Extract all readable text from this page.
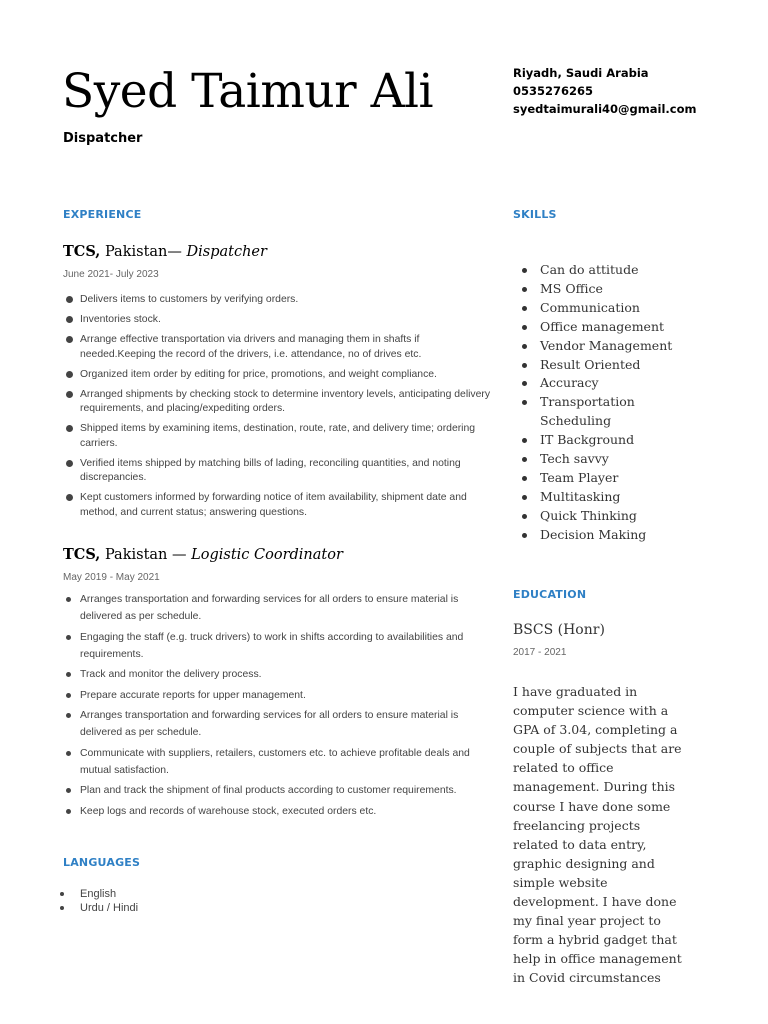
Syed Taimur Ali
Dispatcher
Riyadh, Saudi Arabia
0535276265
syedtaimurali40@gmail.com
EXPERIENCE
TCS, Pakistan— Dispatcher
June 2021- July 2023
Delivers items to customers by verifying orders.
Inventories stock.
Arrange effective transportation via drivers and managing them in shafts if needed.Keeping the record of the drivers, i.e. attendance, no of drives etc.
Organized item order by editing for price, promotions, and weight compliance.
Arranged shipments by checking stock to determine inventory levels, anticipating delivery requirements, and placing/expediting orders.
Shipped items by examining items, destination, route, rate, and delivery time; ordering carriers.
Verified items shipped by matching bills of lading, reconciling quantities, and noting discrepancies.
Kept customers informed by forwarding notice of item availability, shipment date and method, and current status; answering questions.
TCS, Pakistan — Logistic Coordinator
May 2019 - May 2021
Arranges transportation and forwarding services for all orders to ensure material is delivered as per schedule.
Engaging the staff (e.g. truck drivers) to work in shifts according to availabilities and requirements.
Track and monitor the delivery process.
Prepare accurate reports for upper management.
Arranges transportation and forwarding services for all orders to ensure material is delivered as per schedule.
Communicate with suppliers, retailers, customers etc. to achieve profitable deals and mutual satisfaction.
Plan and track the shipment of final products according to customer requirements.
Keep logs and records of warehouse stock, executed orders etc.
LANGUAGES
English
Urdu / Hindi
SKILLS
Can do attitude
MS Office
Communication
Office management
Vendor Management
Result Oriented
Accuracy
Transportation Scheduling
IT Background
Tech savvy
Team Player
Multitasking
Quick Thinking
Decision Making
EDUCATION
BSCS (Honr)
2017 - 2021
I have graduated in computer science with a GPA of 3.04, completing a couple of subjects that are related to office management. During this course I have done some freelancing projects related to data entry, graphic designing and simple website development. I have done my final year project to form a hybrid gadget that help in office management in Covid circumstances
